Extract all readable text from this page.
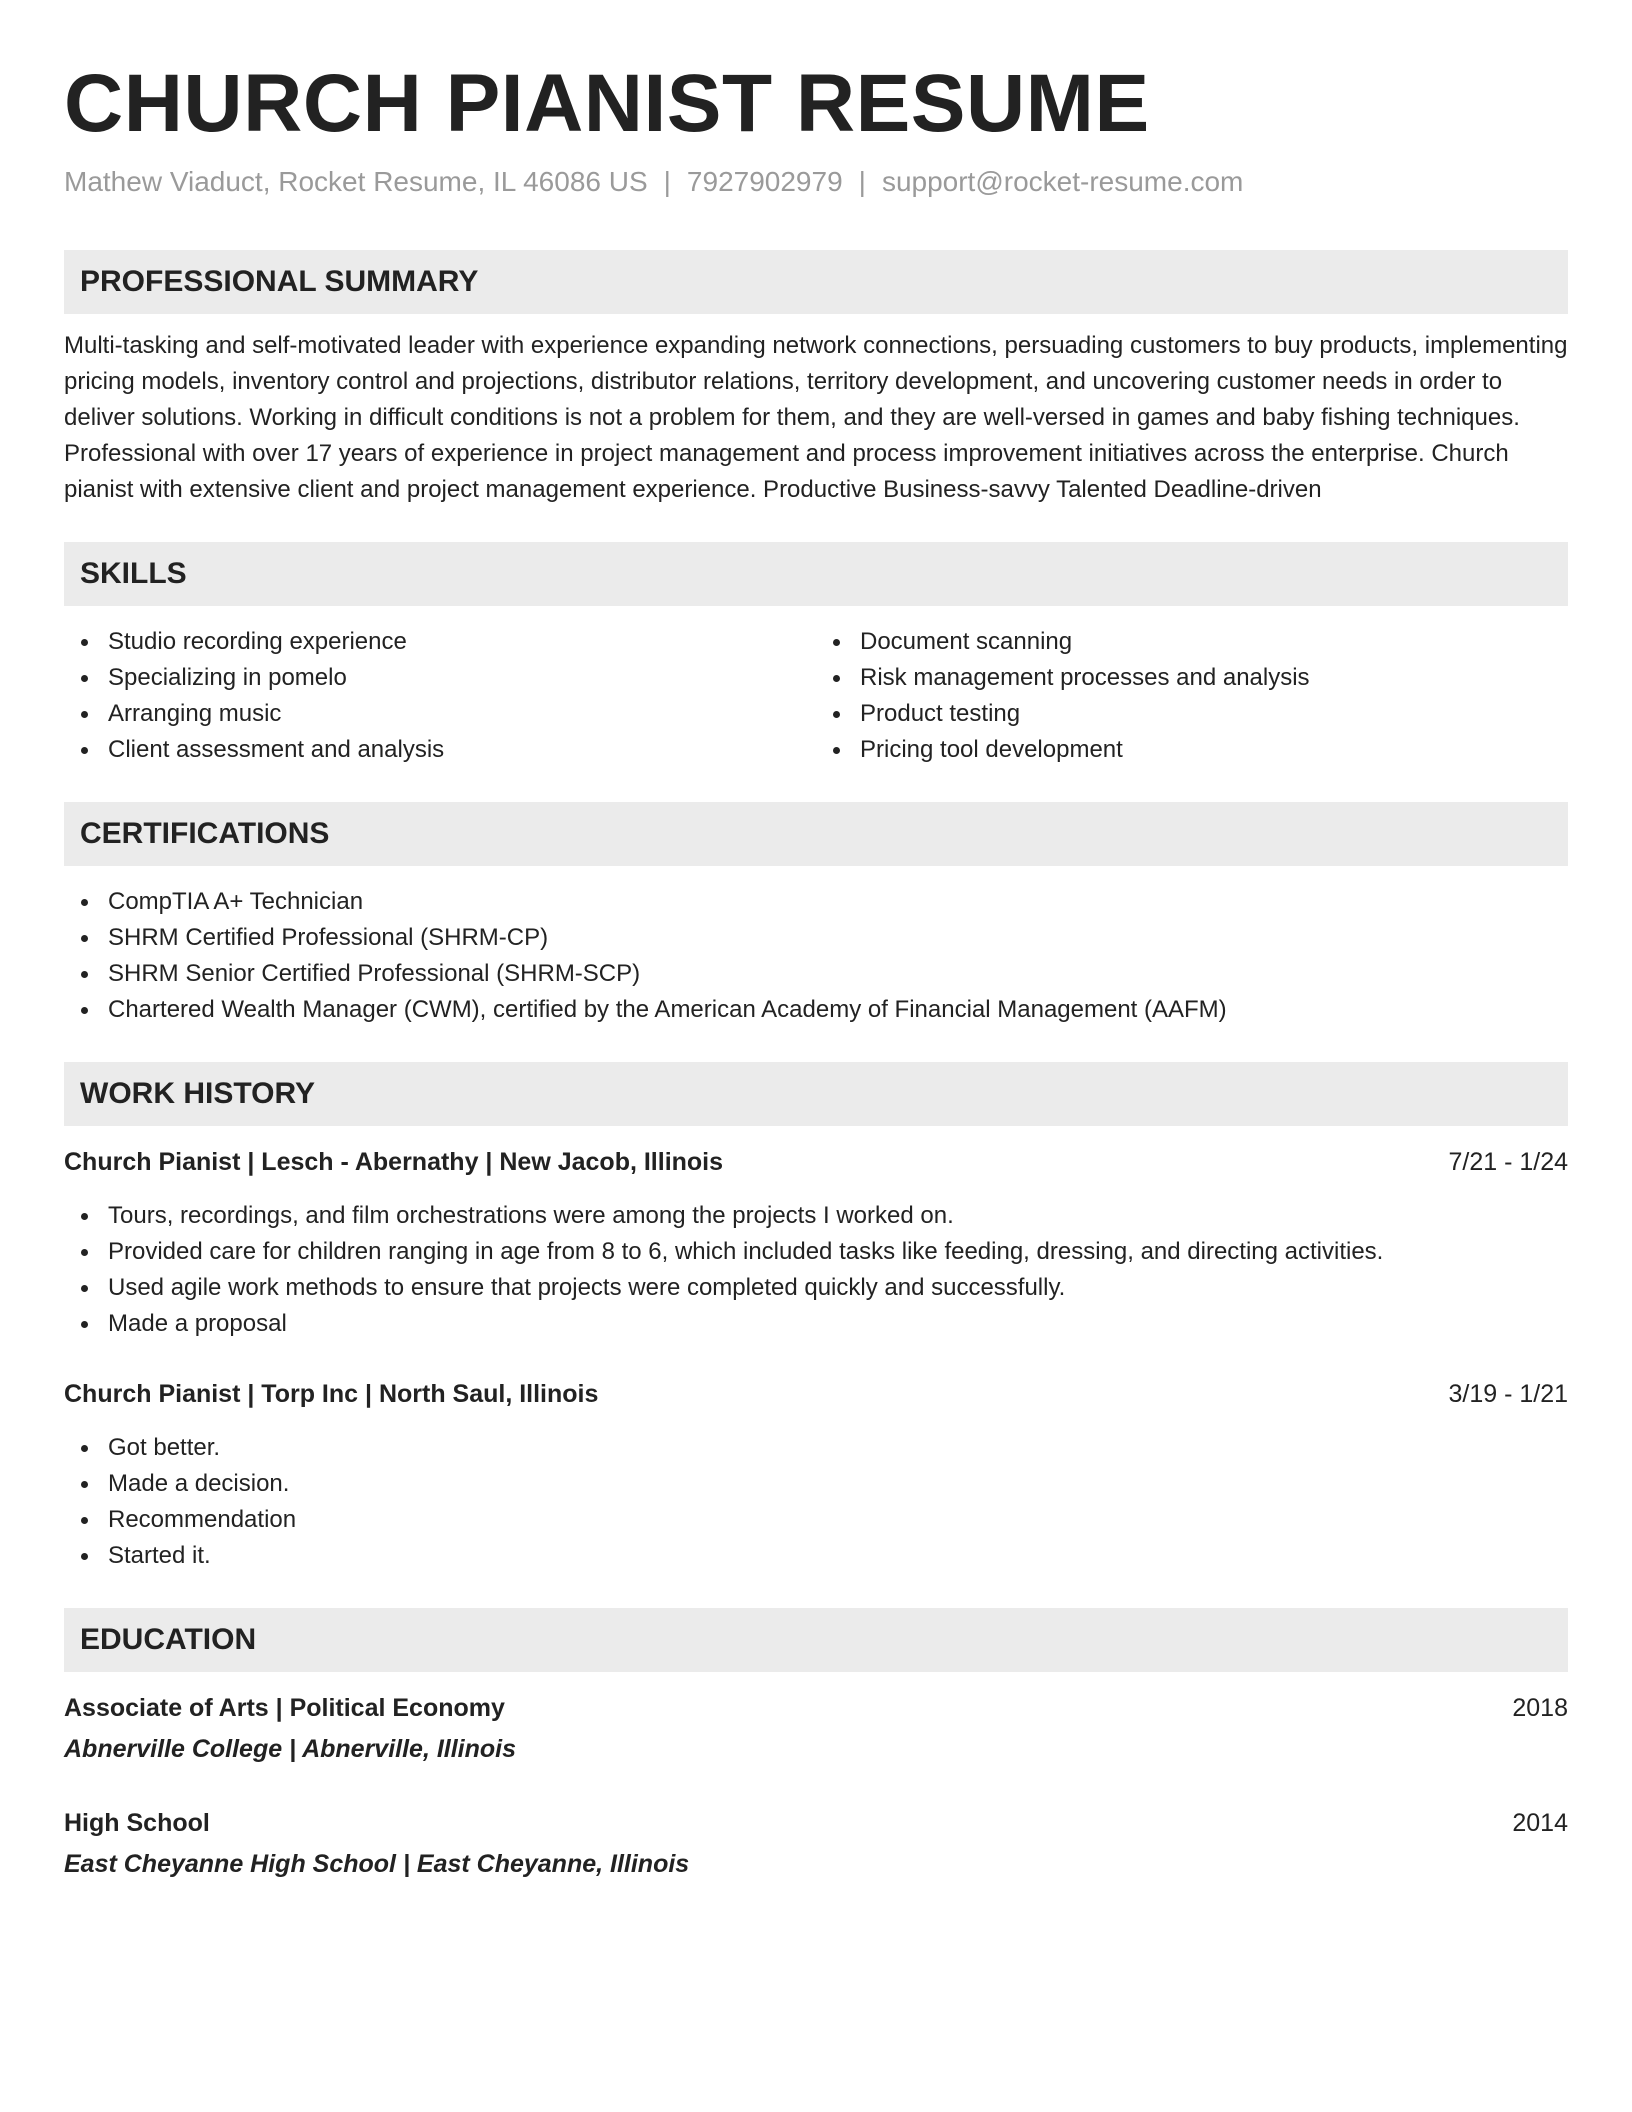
CHURCH PIANIST RESUME
Mathew Viaduct, Rocket Resume, IL 46086 US | 7927902979 | support@rocket-resume.com
PROFESSIONAL SUMMARY

Multi-tasking and self-motivated leader with experience expanding network connections, persuading customers to buy products, implementing pricing models, inventory control and projections, distributor relations, territory development, and uncovering customer needs in order to deliver solutions. Working in difficult conditions is not a problem for them, and they are well-versed in games and baby fishing techniques. Professional with over 17 years of experience in project management and process improvement initiatives across the enterprise. Church pianist with extensive client and project management experience. Productive Business-savvy Talented Deadline-driven

SKILLS
Studio recording experience
Specializing in pomelo
Arranging music
Client assessment and analysis
Document scanning
Risk management processes and analysis
Product testing
Pricing tool development
CERTIFICATIONS
CompTIA A+ Technician
SHRM Certified Professional (SHRM-CP)
SHRM Senior Certified Professional (SHRM-SCP)
Chartered Wealth Manager (CWM), certified by the American Academy of Financial Management (AAFM)
WORK HISTORY
Church Pianist | Lesch - Abernathy | New Jacob, Illinois	7/21 - 1/24
Tours, recordings, and film orchestrations were among the projects I worked on.
Provided care for children ranging in age from 8 to 6, which included tasks like feeding, dressing, and directing activities.
Used agile work methods to ensure that projects were completed quickly and successfully.
Made a proposal
Church Pianist | Torp Inc | North Saul, Illinois	3/19 - 1/21
Got better.
Made a decision.
Recommendation
Started it.
EDUCATION
Associate of Arts | Political Economy	2018
Abnerville College | Abnerville, Illinois
High School	2014
East Cheyanne High School | East Cheyanne, Illinois
